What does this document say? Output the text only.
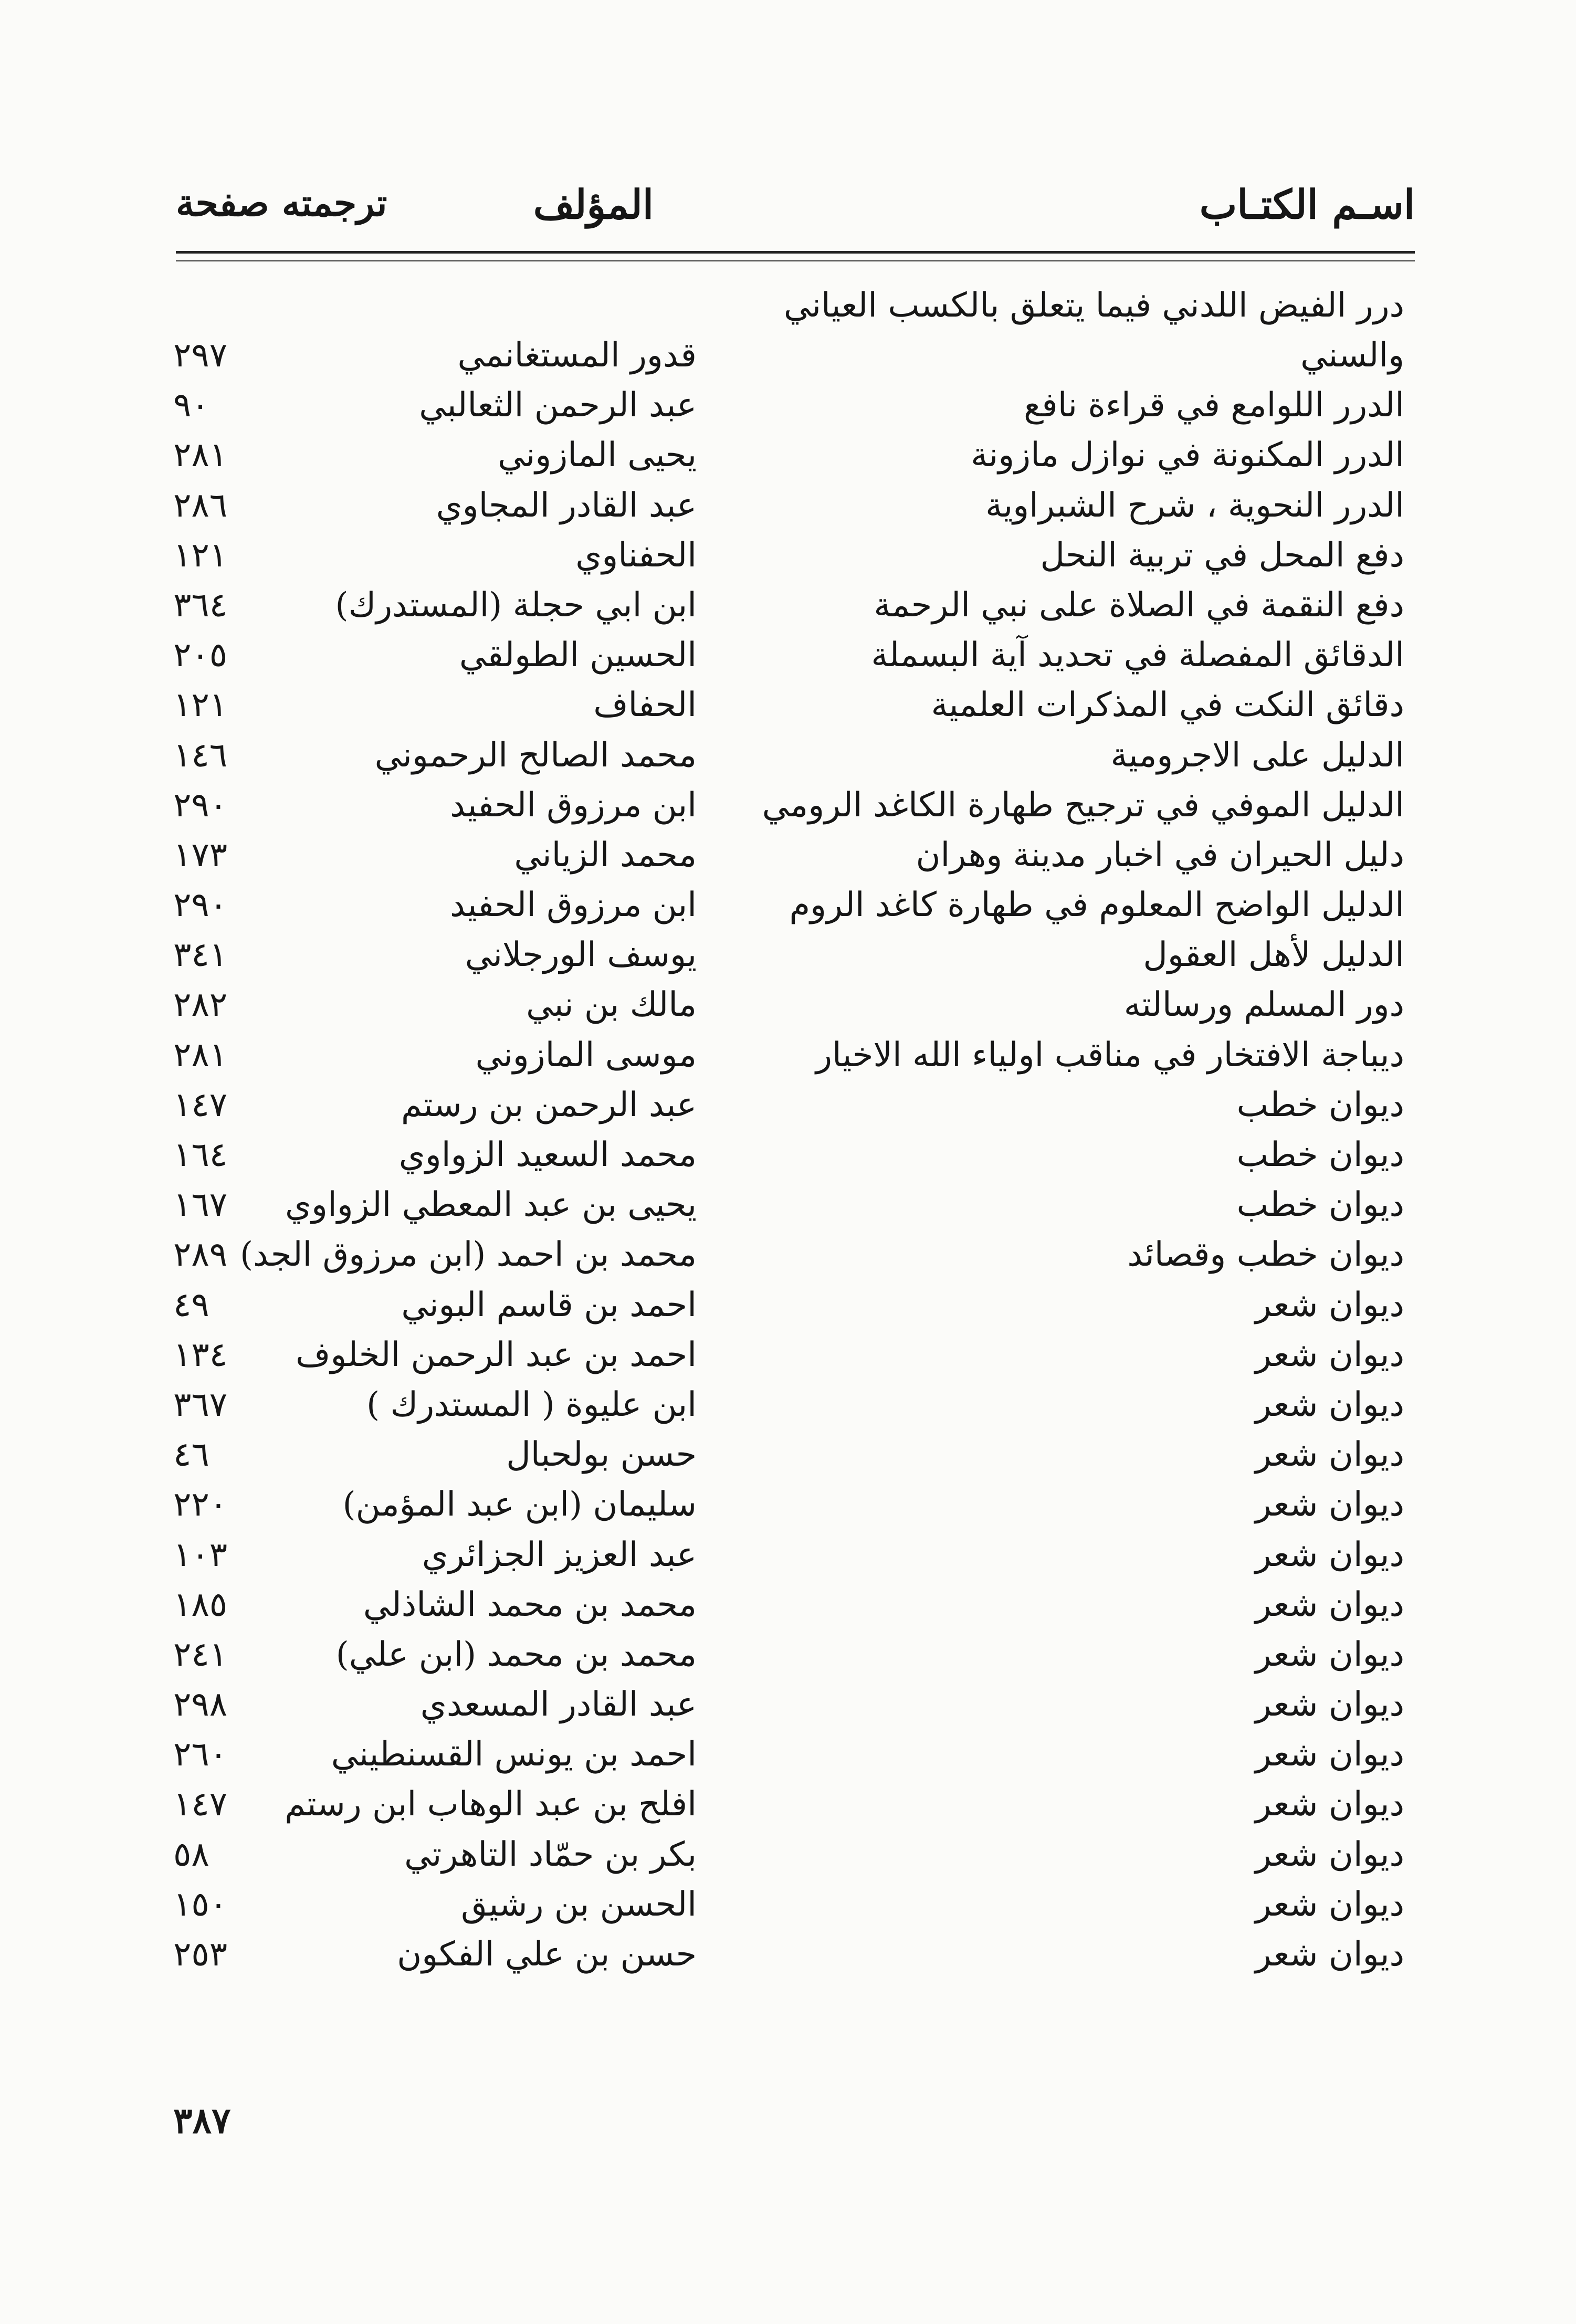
اسـم الكتـاب
المؤلف
ترجمته صفحة
درر الفيض اللدني فيما يتعلق بالكسب العياني
والسني
قدور المستغانمي
٢٩٧
الدرر اللوامع في قراءة نافع
عبد الرحمن الثعالبي
٩٠
الدرر المكنونة في نوازل مازونة
يحيى المازوني
٢٨١
الدرر النحوية ، شرح الشبراوية
عبد القادر المجاوي
٢٨٦
دفع المحل في تربية النحل
الحفناوي
١٢١
دفع النقمة في الصلاة على نبي الرحمة
ابن ابي حجلة (المستدرك)
٣٦٤
الدقائق المفصلة في تحديد آية البسملة
الحسين الطولقي
٢٠٥
دقائق النكت في المذكرات العلمية
الحفاف
١٢١
الدليل على الاجرومية
محمد الصالح الرحموني
١٤٦
الدليل الموفي في ترجيح طهارة الكاغد الرومي
ابن مرزوق الحفيد
٢٩٠
دليل الحيران في اخبار مدينة وهران
محمد الزياني
١٧٣
الدليل الواضح المعلوم في طهارة كاغد الروم
ابن مرزوق الحفيد
٢٩٠
الدليل لأهل العقول
يوسف الورجلاني
٣٤١
دور المسلم ورسالته
مالك بن نبي
٢٨٢
ديباجة الافتخار في مناقب اولياء الله الاخيار
موسى المازوني
٢٨١
ديوان خطب
عبد الرحمن بن رستم
١٤٧
ديوان خطب
محمد السعيد الزواوي
١٦٤
ديوان خطب
يحيى بن عبد المعطي الزواوي
١٦٧
ديوان خطب وقصائد
محمد بن احمد (ابن مرزوق الجد)
٢٨٩
ديوان شعر
احمد بن قاسم البوني
٤٩
ديوان شعر
احمد بن عبد الرحمن الخلوف
١٣٤
ديوان شعر
ابن عليوة ( المستدرك )
٣٦٧
ديوان شعر
حسن بولحبال
٤٦
ديوان شعر
سليمان (ابن عبد المؤمن)
٢٢٠
ديوان شعر
عبد العزيز الجزائري
١٠٣
ديوان شعر
محمد بن محمد الشاذلي
١٨٥
ديوان شعر
محمد بن محمد (ابن علي)
٢٤١
ديوان شعر
عبد القادر المسعدي
٢٩٨
ديوان شعر
احمد بن يونس القسنطيني
٢٦٠
ديوان شعر
افلح بن عبد الوهاب ابن رستم
١٤٧
ديوان شعر
بكر بن حمّاد التاهرتي
٥٨
ديوان شعر
الحسن بن رشيق
١٥٠
ديوان شعر
حسن بن علي الفكون
٢٥٣
٣٨٧
